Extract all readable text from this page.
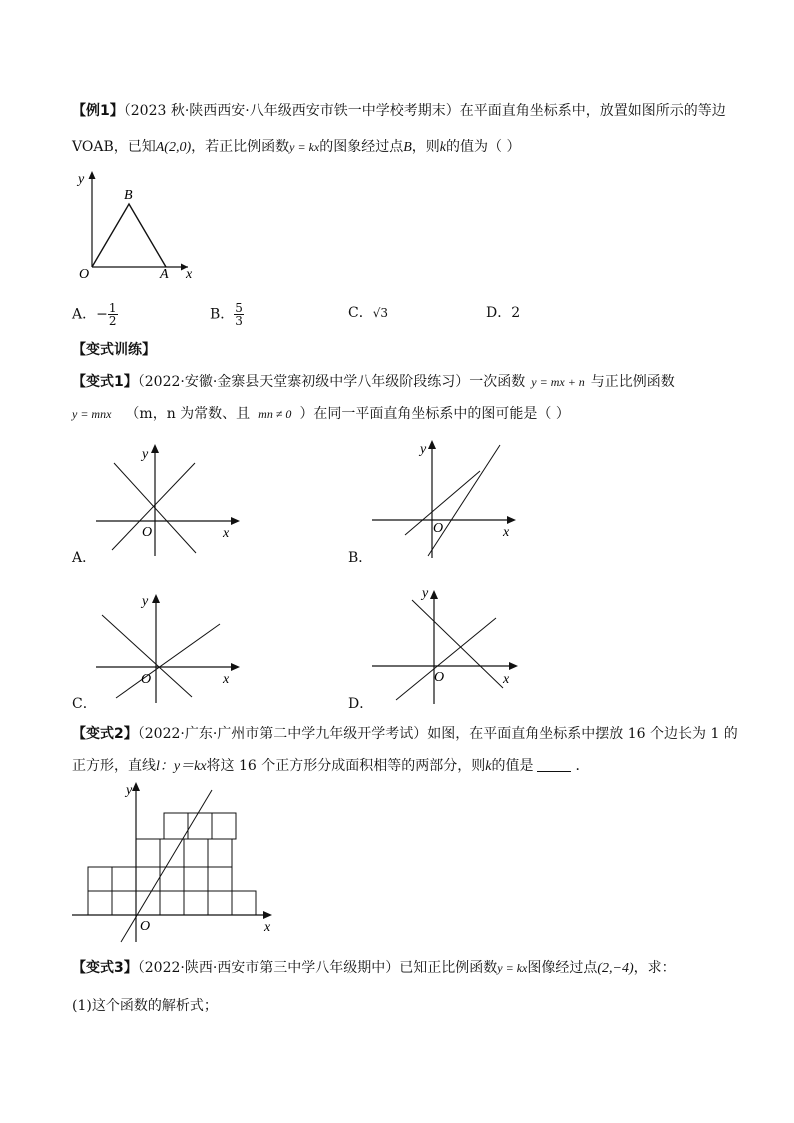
【例1】（2023 秋·陕西西安·八年级西安市铁一中学校考期末）在平面直角坐标系中，放置如图所示的等边
VOAB，已知A(2,0)，若正比例函数y = kx的图象经过点B，则k的值为（ ）
y
x
O	A
B
A．− $\frac{1}{2}$	B． $\frac{5}{3}$	C．√3	D．2
【变式训练】
【变式1】（2022·安徽·金寨县天堂寨初级中学八年级阶段练习）一次函数 y = mx + n 与正比例函数
y = mnx （m，n 为常数、且 mn ≠ 0 ）在同一平面直角坐标系中的图可能是（ ）
y
x
O
A．
y
x
O
B．
y
x
O
C．
y
x
O
D．
【变式2】（2022·广东·广州市第二中学九年级开学考试）如图，在平面直角坐标系中摆放 16 个边长为 1 的
正方形，直线l：y＝kx将这 16 个正方形分成面积相等的两部分，则k的值是	．
y
x
O
【变式3】（2022·陕西·西安市第三中学八年级期中）已知正比例函数y = kx图像经过点(2,−4)，求：
(1)这个函数的解析式；
